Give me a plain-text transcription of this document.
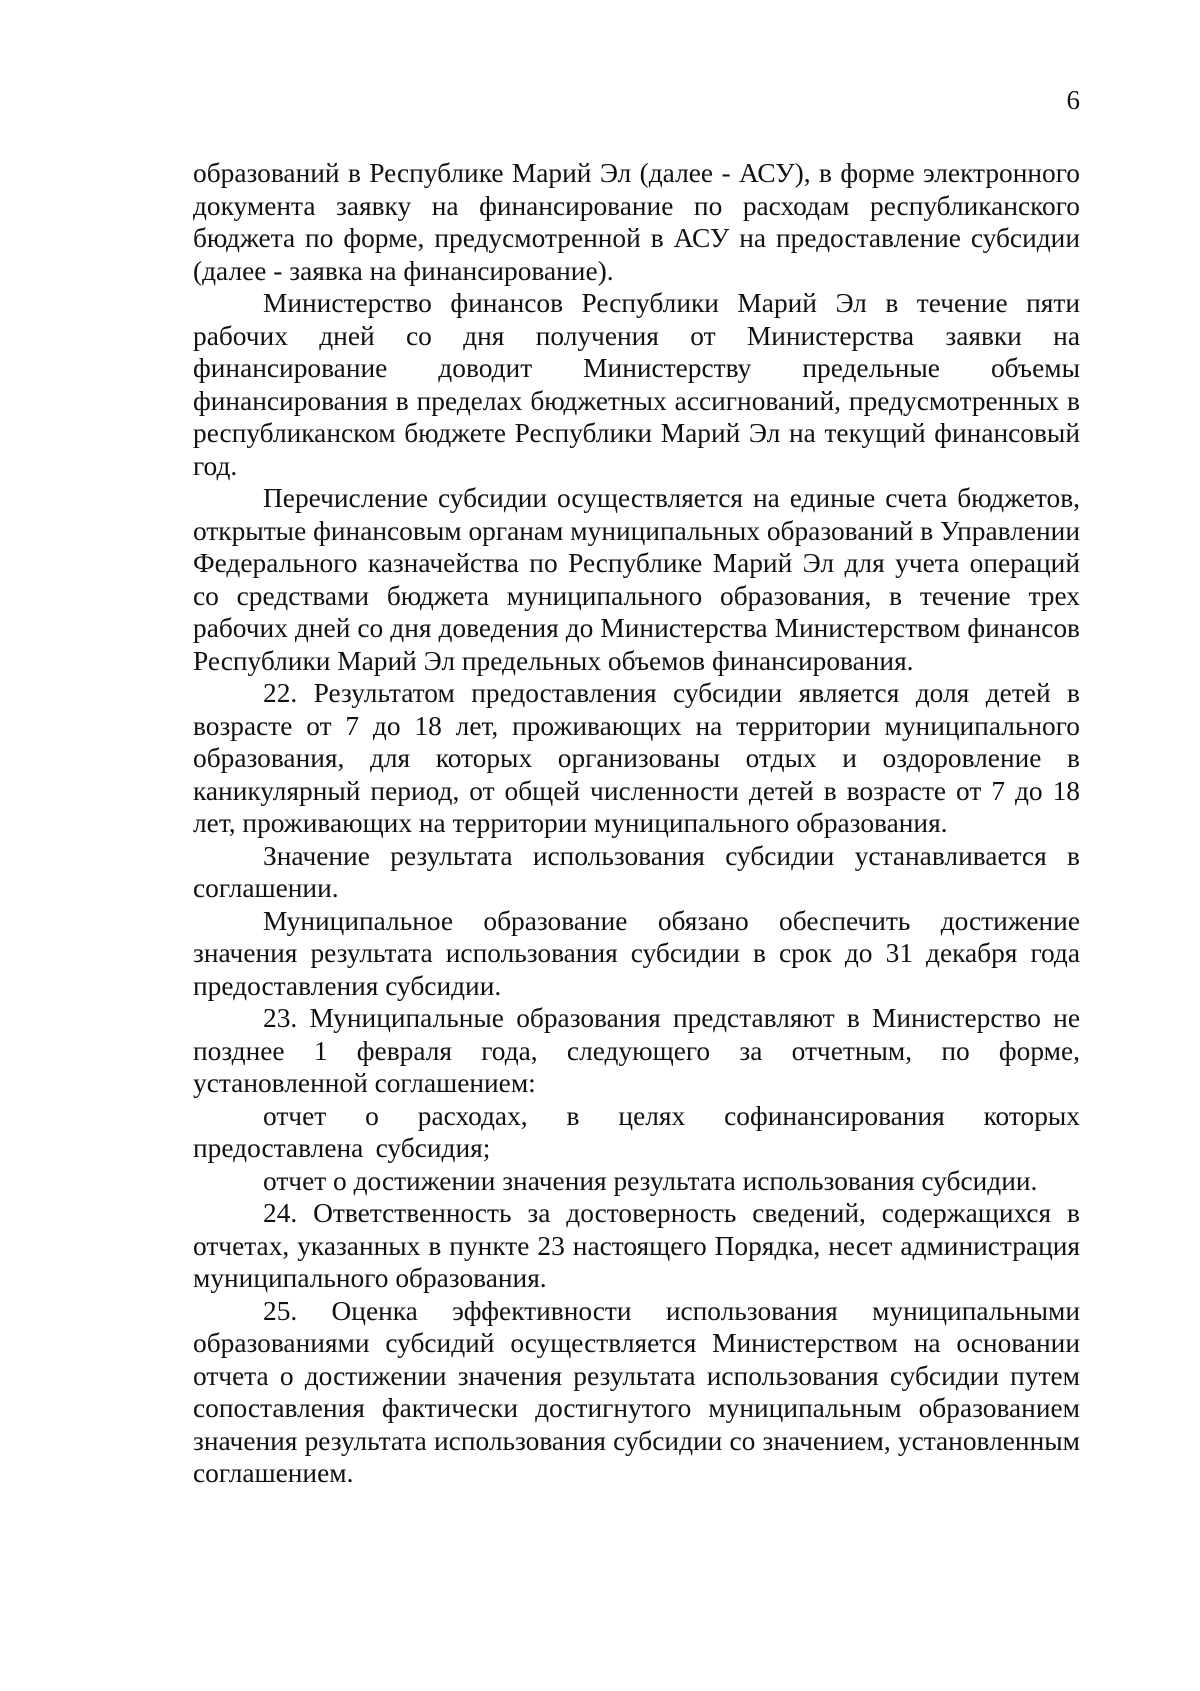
6

образований в Республике Марий Эл (далее - АСУ), в форме электронного документа заявку на финансирование по расходам республиканского бюджета по форме, предусмотренной в АСУ на предоставление субсидии (далее - заявка на финансирование).

Министерство финансов Республики Марий Эл в течение пяти рабочих дней со дня получения от Министерства заявки на финансирование доводит Министерству предельные объемы финансирования в пределах бюджетных ассигнований, предусмотренных в республиканском бюджете Республики Марий Эл на текущий финансовый год.

Перечисление субсидии осуществляется на единые счета бюджетов, открытые финансовым органам муниципальных образований в Управлении Федерального казначейства по Республике Марий Эл для учета операций со средствами бюджета муниципального образования, в течение трех рабочих дней со дня доведения до Министерства Министерством финансов Республики Марий Эл предельных объемов финансирования.

22. Результатом предоставления субсидии является доля детей в возрасте от 7 до 18 лет, проживающих на территории муниципального образования, для которых организованы отдых и оздоровление в каникулярный период, от общей численности детей в возрасте от 7 до 18 лет, проживающих на территории муниципального образования.

Значение результата использования субсидии устанавливается в соглашении.

Муниципальное образование обязано обеспечить достижение значения результата использования субсидии в срок до 31 декабря года предоставления субсидии.

23. Муниципальные образования представляют в Министерство не позднее 1 февраля года, следующего за отчетным, по форме, установленной соглашением:

отчет о расходах, в целях софинансирования которых предоставлена субсидия;

отчет о достижении значения результата использования субсидии.

24. Ответственность за достоверность сведений, содержащихся в отчетах, указанных в пункте 23 настоящего Порядка, несет администрация муниципального образования.

25. Оценка эффективности использования муниципальными образованиями субсидий осуществляется Министерством на основании отчета о достижении значения результата использования субсидии путем сопоставления фактически достигнутого муниципальным образованием значения результата использования субсидии со значением, установленным соглашением.
